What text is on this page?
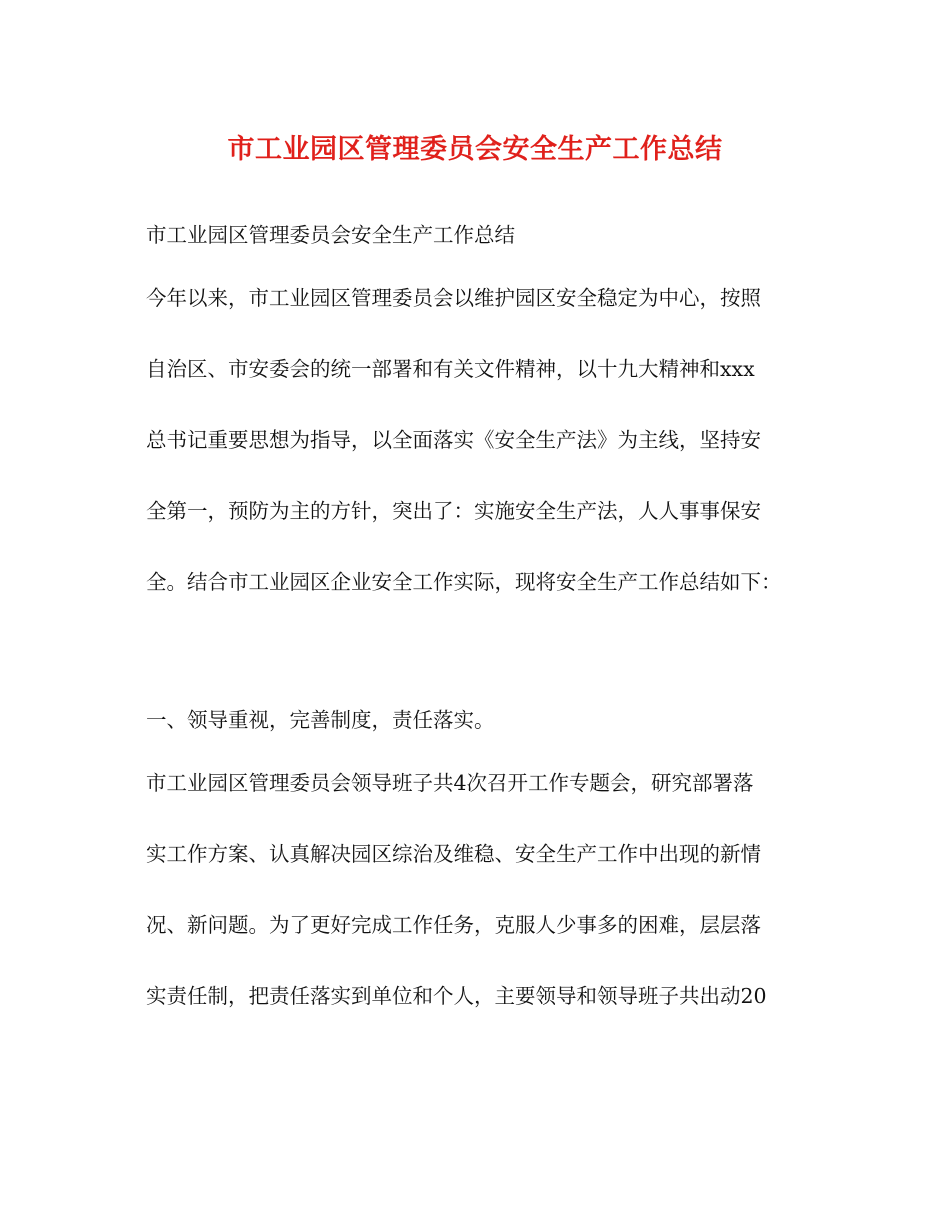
市工业园区管理委员会安全生产工作总结
市工业园区管理委员会安全生产工作总结
今年以来，市工业园区管理委员会以维护园区安全稳定为中心，按照
自治区、市安委会的统一部署和有关文件精神，以十九大精神和xxx
总书记重要思想为指导，以全面落实《安全生产法》为主线，坚持安
全第一，预防为主的方针，突出了：实施安全生产法，人人事事保安
全。结合市工业园区企业安全工作实际，现将安全生产工作总结如下：
一、领导重视，完善制度，责任落实。
市工业园区管理委员会领导班子共4次召开工作专题会，研究部署落
实工作方案、认真解决园区综治及维稳、安全生产工作中出现的新情
况、新问题。为了更好完成工作任务，克服人少事多的困难，层层落
实责任制，把责任落实到单位和个人，主要领导和领导班子共出动20
